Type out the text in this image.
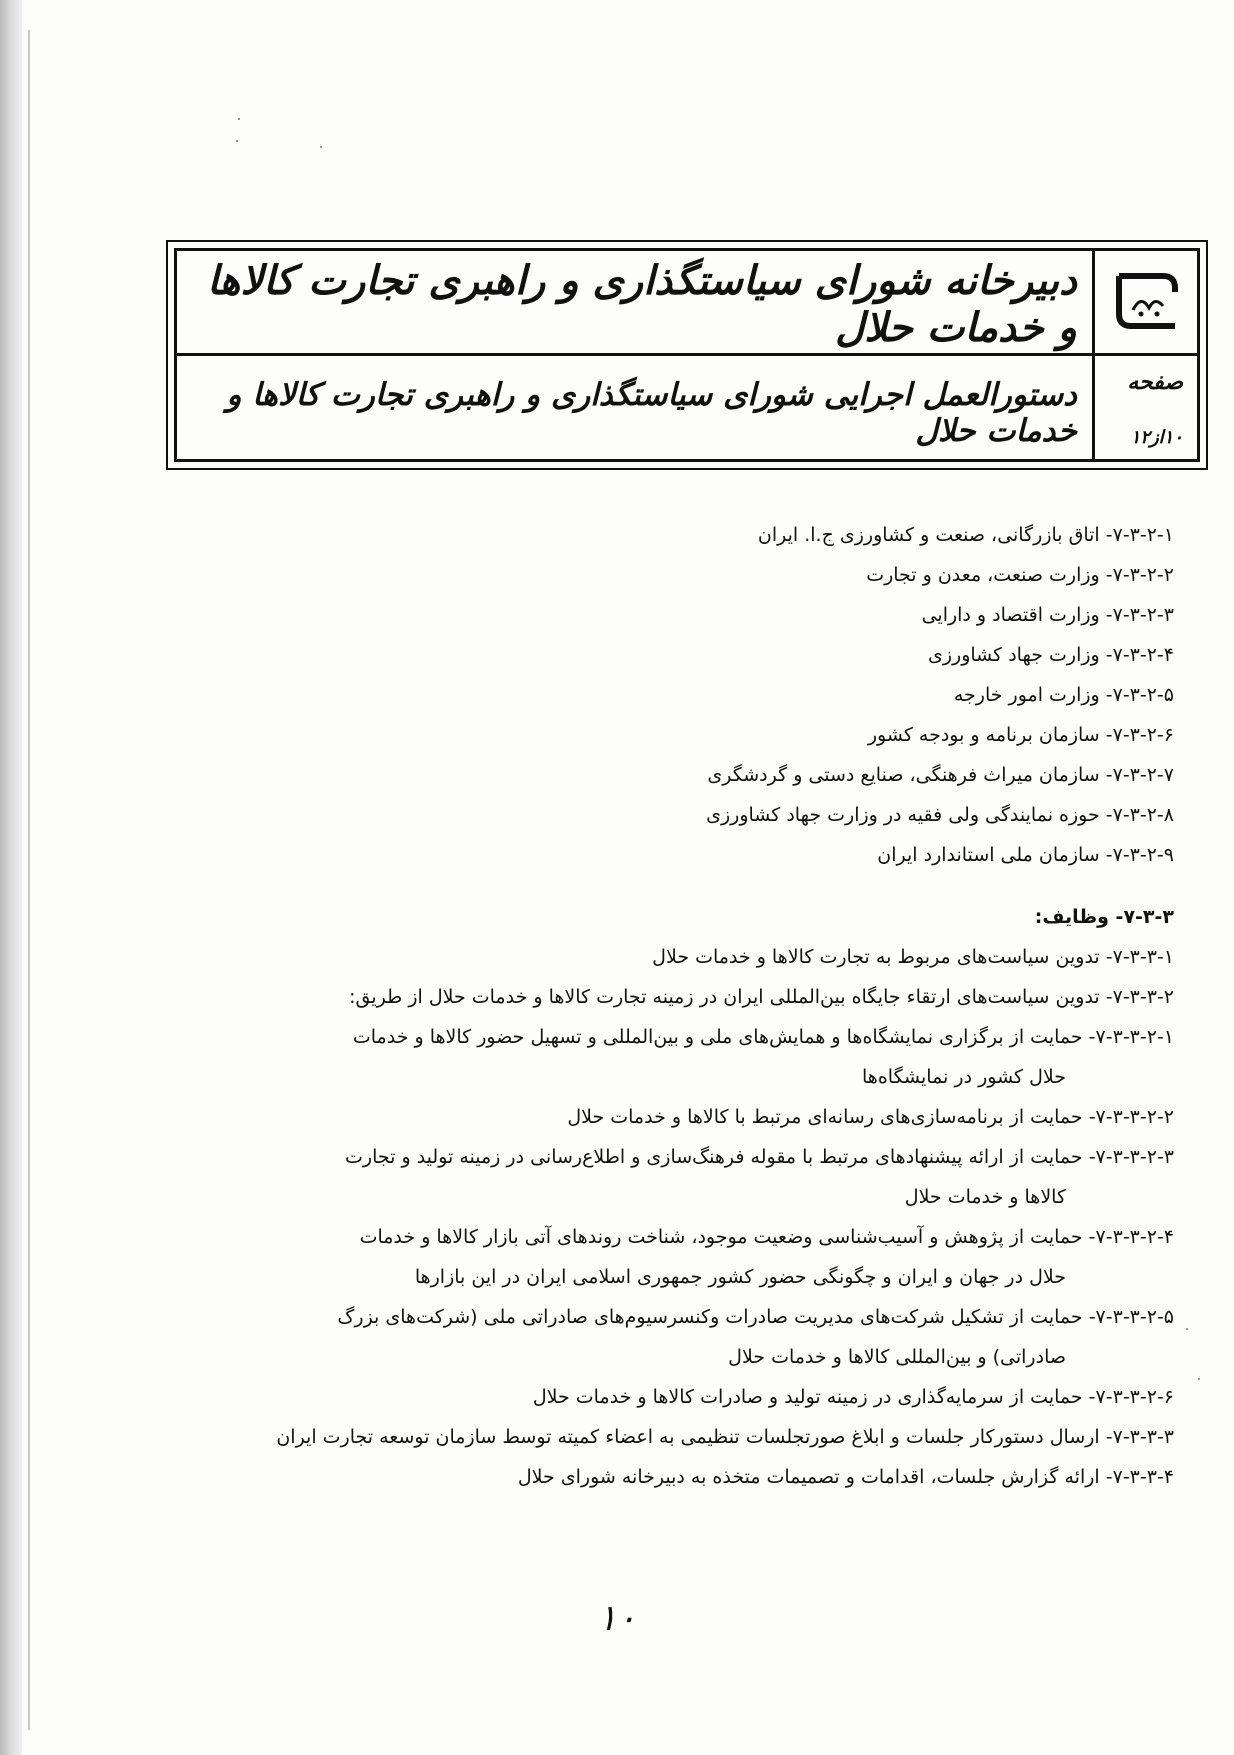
دبیرخانه شورای سیاستگذاری و راهبری تجارت کالاها و خدمات حلال
دستورالعمل اجرایی شورای سیاستگذاری و راهبری تجارت کالاها و خدمات حلال
صفحه
۱۰از۱۲
۷-۳-۲-۱- اتاق بازرگانی، صنعت و کشاورزی ج.ا. ایران
۷-۳-۲-۲- وزارت صنعت، معدن و تجارت
۷-۳-۲-۳- وزارت اقتصاد و دارایی
۷-۳-۲-۴- وزارت جهاد کشاورزی
۷-۳-۲-۵- وزارت امور خارجه
۷-۳-۲-۶- سازمان برنامه و بودجه کشور
۷-۳-۲-۷- سازمان میراث فرهنگی، صنایع دستی و گردشگری
۷-۳-۲-۸- حوزه نمایندگی ولی فقیه در وزارت جهاد کشاورزی
۷-۳-۲-۹- سازمان ملی استاندارد ایران
۷-۳-۳- وظایف:
۷-۳-۳-۱- تدوین سیاست‌های مربوط به تجارت کالاها و خدمات حلال
۷-۳-۳-۲- تدوین سیاست‌های ارتقاء جایگاه بین‌المللی ایران در زمینه تجارت کالاها و خدمات حلال از طریق:
۷-۳-۳-۲-۱- حمایت از برگزاری نمایشگاه‌ها و همایش‌های ملی و بین‌المللی و تسهیل حضور کالاها و خدمات
حلال کشور در نمایشگاه‌ها
۷-۳-۳-۲-۲- حمایت از برنامه‌سازی‌های رسانه‌ای مرتبط با کالاها و خدمات حلال
۷-۳-۳-۲-۳- حمایت از ارائه پیشنهادهای مرتبط با مقوله فرهنگ‌سازی و اطلاع‌رسانی در زمینه تولید و تجارت
کالاها و خدمات حلال
۷-۳-۳-۲-۴- حمایت از پژوهش و آسیب‌شناسی وضعیت موجود، شناخت روندهای آتی بازار کالاها و خدمات
حلال در جهان و ایران و چگونگی حضور کشور جمهوری اسلامی ایران در این بازارها
۷-۳-۳-۲-۵- حمایت از تشکیل شرکت‌های مدیریت صادرات وکنسرسیوم‌های صادراتی ملی (شرکت‌های بزرگ
صادراتی) و بین‌المللی کالاها و خدمات حلال
۷-۳-۳-۲-۶- حمایت از سرمایه‌گذاری در زمینه تولید و صادرات کالاها و خدمات حلال
۷-۳-۳-۳- ارسال دستورکار جلسات و ابلاغ صورتجلسات تنظیمی به اعضاء کمیته توسط سازمان توسعه تجارت ایران
۷-۳-۳-۴- ارائه گزارش جلسات، اقدامات و تصمیمات متخذه به دبیرخانه شورای حلال
۱۰
